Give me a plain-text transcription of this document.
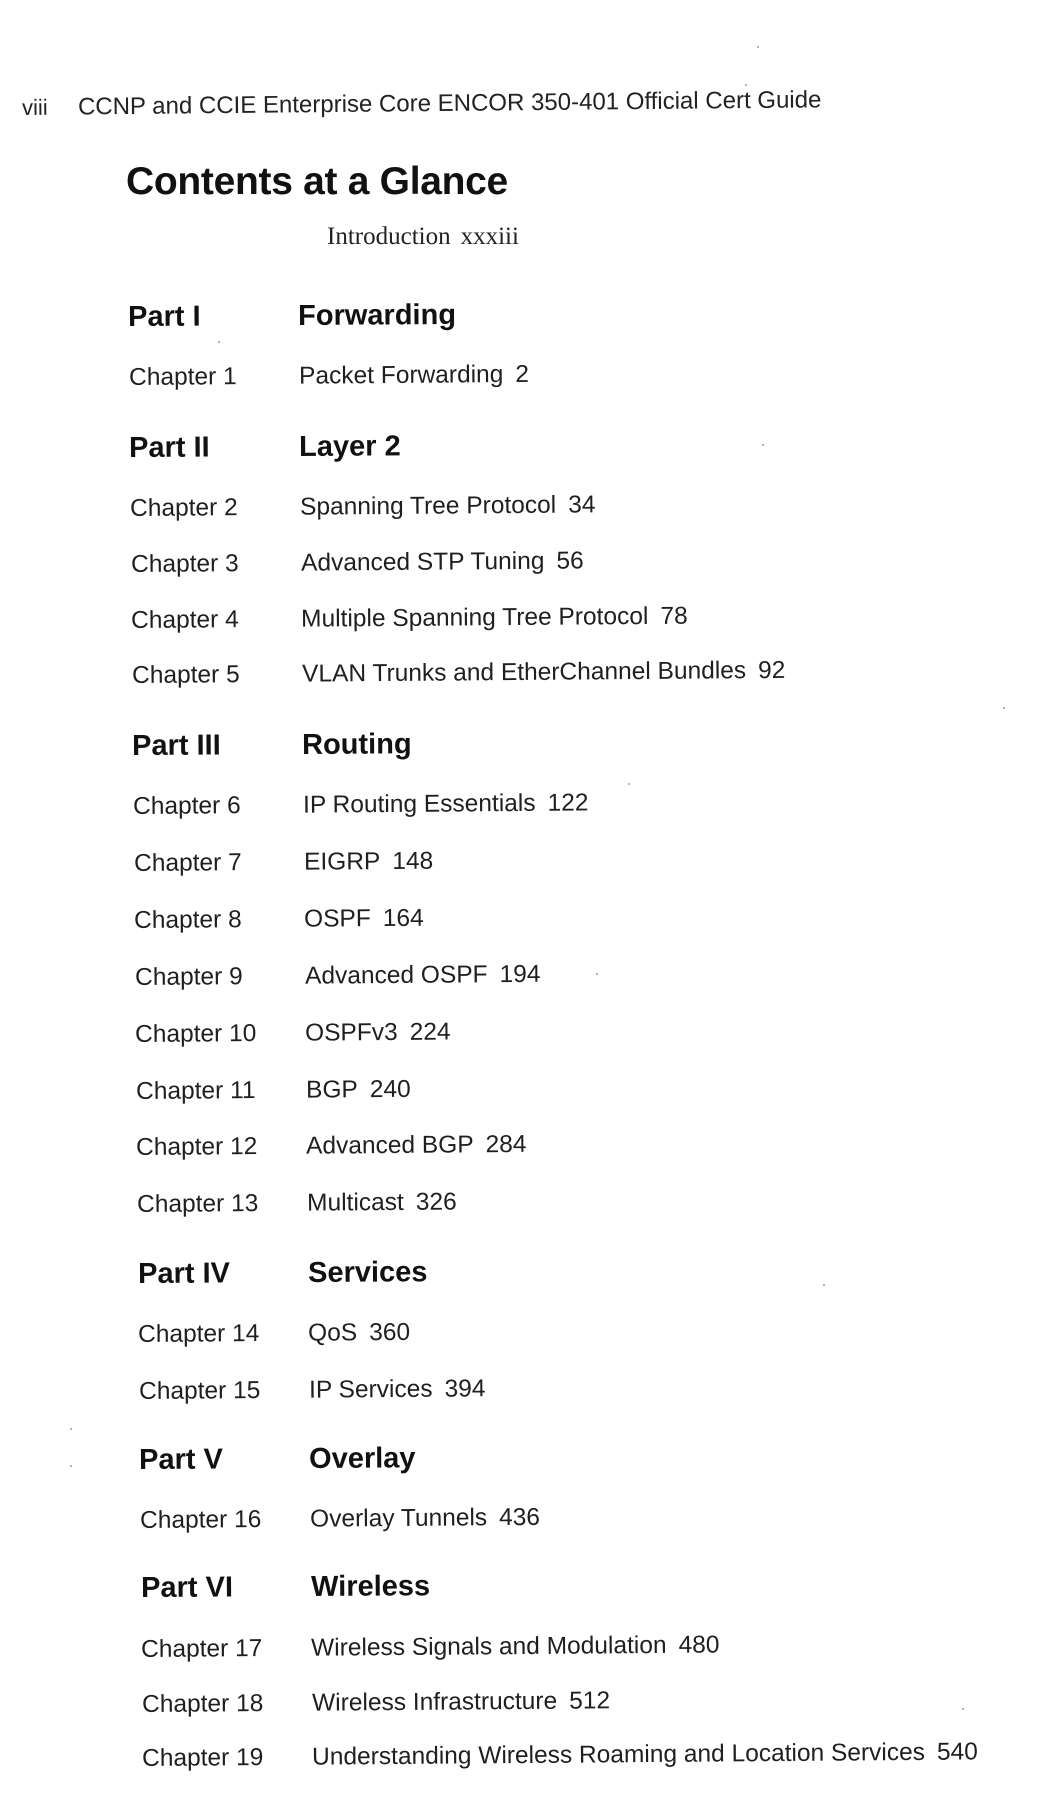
viii CCNP and CCIE Enterprise Core ENCOR 350-401 Official Cert Guide
Contents at a Glance
Introduction xxxiii
Part I	Forwarding
Chapter 1	Packet Forwarding 2
Part II	Layer 2
Chapter 2	Spanning Tree Protocol 34
Chapter 3	Advanced STP Tuning 56
Chapter 4	Multiple Spanning Tree Protocol 78
Chapter 5	VLAN Trunks and EtherChannel Bundles 92
Part III	Routing
Chapter 6	IP Routing Essentials 122
Chapter 7	EIGRP 148
Chapter 8	OSPF 164
Chapter 9	Advanced OSPF 194
Chapter 10 OSPFv3 224
Chapter 11 BGP 240
Chapter 12 Advanced BGP 284
Chapter 13 Multicast 326
Part IV	Services
Chapter 14 QoS 360
Chapter 15 IP Services 394
Part V	Overlay
Chapter 16 Overlay Tunnels 436
Part VI	Wireless
Chapter 17 Wireless Signals and Modulation 480
Chapter 18 Wireless Infrastructure 512
Chapter 19 Understanding Wireless Roaming and Location Services 540
